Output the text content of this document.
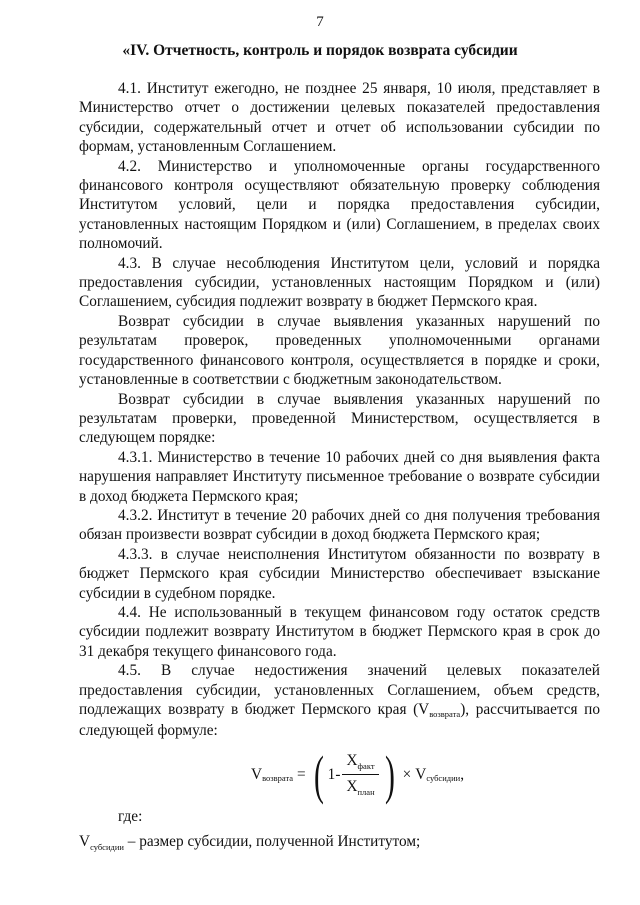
7
«IV. Отчетность, контроль и порядок возврата субсидии

4.1. Институт ежегодно, не позднее 25 января, 10 июля, представляет в Министерство отчет о достижении целевых показателей предоставления субсидии, содержательный отчет и отчет об использовании субсидии по формам, установленным Соглашением.

4.2. Министерство и уполномоченные органы государственного финансового контроля осуществляют обязательную проверку соблюдения Институтом условий, цели и порядка предоставления субсидии, установленных настоящим Порядком и (или) Соглашением, в пределах своих полномочий.

4.3. В случае несоблюдения Институтом цели, условий и порядка предоставления субсидии, установленных настоящим Порядком и (или) Соглашением, субсидия подлежит возврату в бюджет Пермского края.

Возврат субсидии в случае выявления указанных нарушений по результатам проверок, проведенных уполномоченными органами государственного финансового контроля, осуществляется в порядке и сроки, установленные в соответствии с бюджетным законодательством.

Возврат субсидии в случае выявления указанных нарушений по результатам проверки, проведенной Министерством, осуществляется в следующем порядке:

4.3.1. Министерство в течение 10 рабочих дней со дня выявления факта нарушения направляет Институту письменное требование о возврате субсидии в доход бюджета Пермского края;

4.3.2. Институт в течение 20 рабочих дней со дня получения требования обязан произвести возврат субсидии в доход бюджета Пермского края;

4.3.3. в случае неисполнения Институтом обязанности по возврату в бюджет Пермского края субсидии Министерство обеспечивает взыскание субсидии в судебном порядке.

4.4. Не использованный в текущем финансовом году остаток средств субсидии подлежит возврату Институтом в бюджет Пермского края в срок до 31 декабря текущего финансового года.

4.5. В случае недостижения значений целевых показателей предоставления субсидии, установленных Соглашением, объем средств, подлежащих возврату в бюджет Пермского края (Vвозврата), рассчитывается по следующей формуле:

V возврата = ( $1 - \frac{X_{факт}}{X_{план}}$ ) × V субсидии ,

где:
$V_{субсидии}$ – размер субсидии, полученной Институтом;
